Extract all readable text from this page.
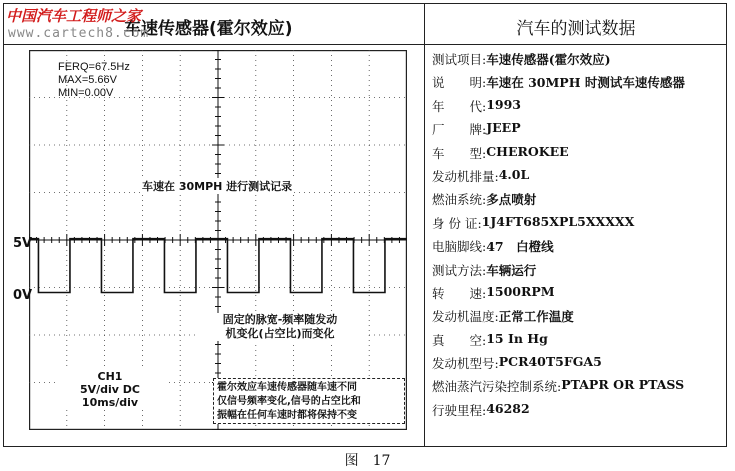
中国汽车工程师之家
www.cartech8.com
车速传感器(霍尔效应)	汽车的测试数据
FERQ=67.5Hz
MAX=5.66V
MIN=0.00V
车速在 30MPH 进行测试记录
5V
0V
固定的脉宽-频率随发动
机变化(占空比)而变化
CH1
5V/div DC
10ms/div
霍尔效应车速传感器随车速不同
仅信号频率变化,信号的占空比和
振幅在任何车速时都将保持不变
测试项目: 车速传感器(霍尔效应)
说　　明: 车速在 30MPH 时测试车速传感器
年　　代: 1993
厂　　牌: JEEP
车　　型: CHEROKEE
发动机排量: 4.0L
燃油系统: 多点喷射
身 份 证: 1J4FT685XPL5XXXXX
电脑脚线: 47　白橙线
测试方法: 车辆运行
转　　速: 1500RPM
发动机温度: 正常工作温度
真　　空: 15 In Hg
发动机型号: PCR40T5FGA5
燃油蒸汽污染控制系统: PTAPR OR PTASS
行驶里程: 46282
图　17
